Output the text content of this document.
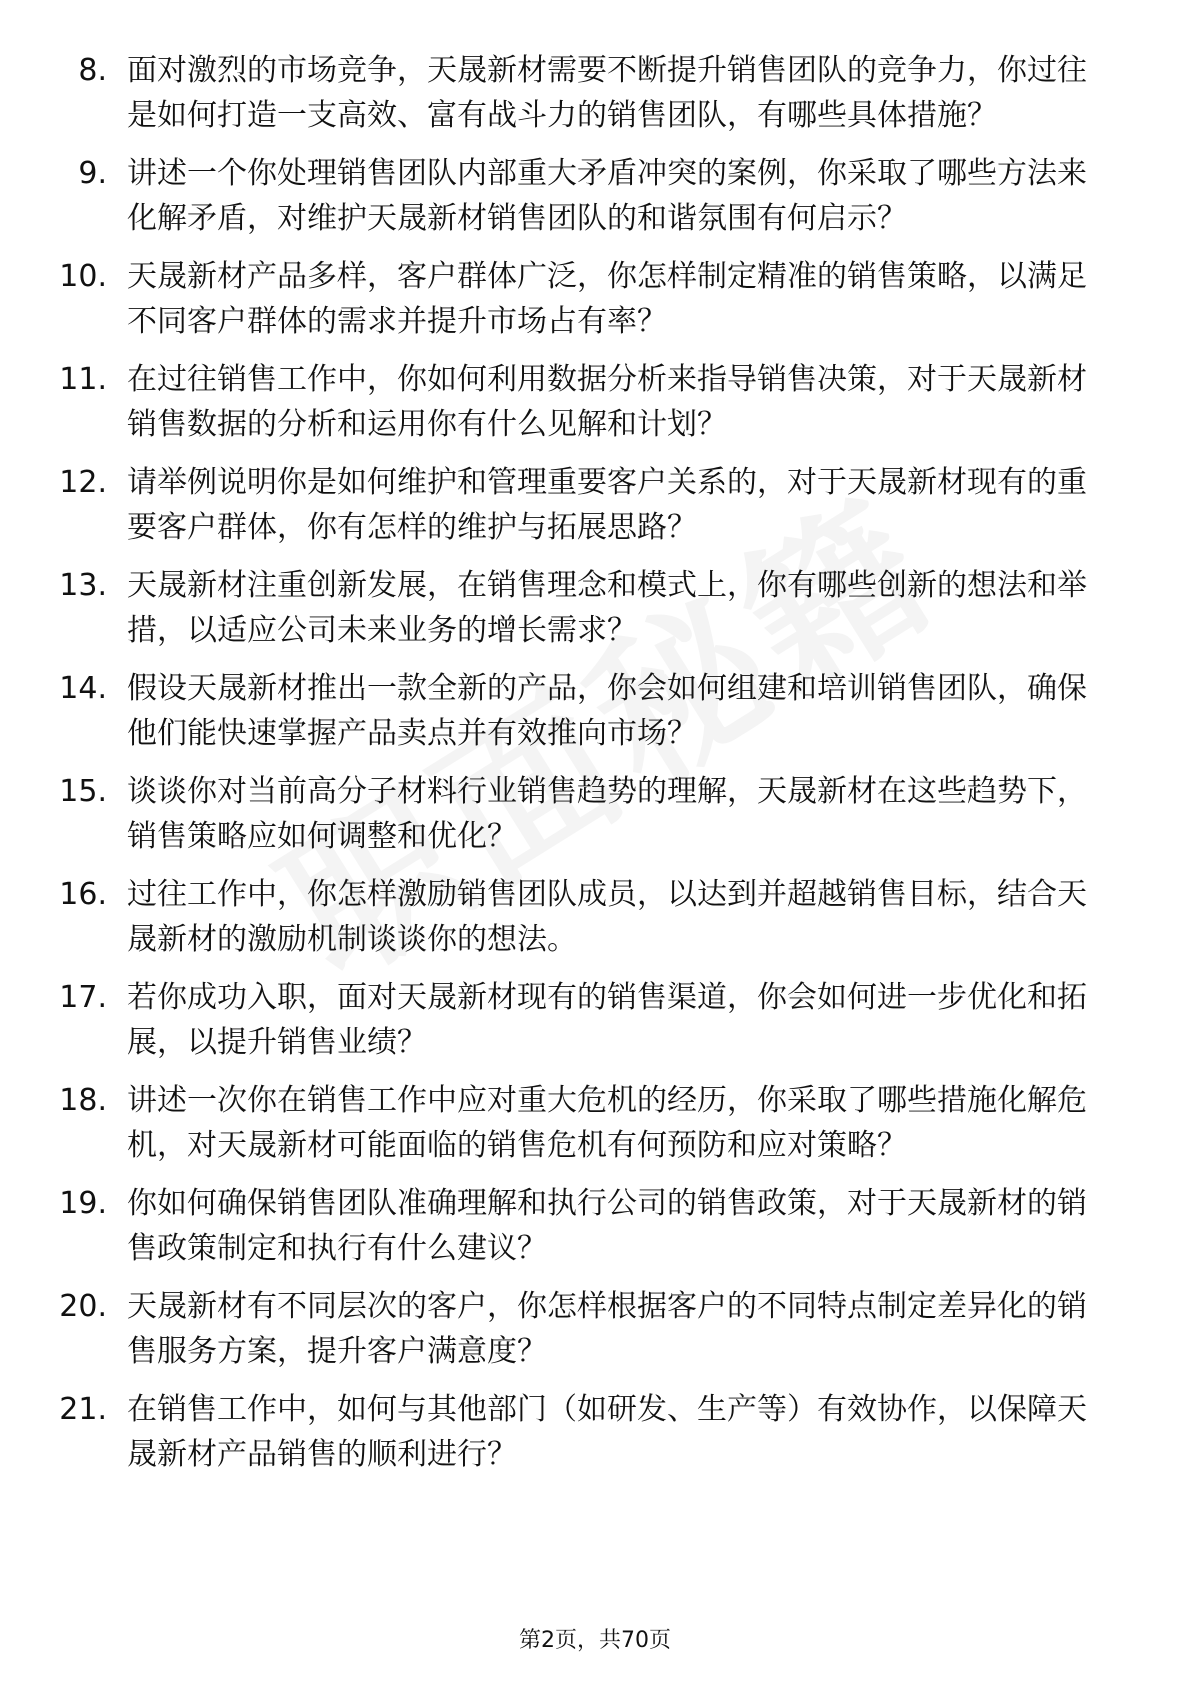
8. 面对激烈的市场竞争，天晟新材需要不断提升销售团队的竞争力，你过往是如何打造一支高效、富有战斗力的销售团队，有哪些具体措施？
9. 讲述一个你处理销售团队内部重大矛盾冲突的案例，你采取了哪些方法来化解矛盾，对维护天晟新材销售团队的和谐氛围有何启示？
10. 天晟新材产品多样，客户群体广泛，你怎样制定精准的销售策略，以满足不同客户群体的需求并提升市场占有率？
11. 在过往销售工作中，你如何利用数据分析来指导销售决策，对于天晟新材销售数据的分析和运用你有什么见解和计划？
12. 请举例说明你是如何维护和管理重要客户关系的，对于天晟新材现有的重要客户群体，你有怎样的维护与拓展思路？
13. 天晟新材注重创新发展，在销售理念和模式上，你有哪些创新的想法和举措，以适应公司未来业务的增长需求？
14. 假设天晟新材推出一款全新的产品，你会如何组建和培训销售团队，确保他们能快速掌握产品卖点并有效推向市场？
15. 谈谈你对当前高分子材料行业销售趋势的理解，天晟新材在这些趋势下，销售策略应如何调整和优化？
16. 过往工作中，你怎样激励销售团队成员，以达到并超越销售目标，结合天晟新材的激励机制谈谈你的想法。
17. 若你成功入职，面对天晟新材现有的销售渠道，你会如何进一步优化和拓展，以提升销售业绩？
18. 讲述一次你在销售工作中应对重大危机的经历，你采取了哪些措施化解危机，对天晟新材可能面临的销售危机有何预防和应对策略？
19. 你如何确保销售团队准确理解和执行公司的销售政策，对于天晟新材的销售政策制定和执行有什么建议？
20. 天晟新材有不同层次的客户，你怎样根据客户的不同特点制定差异化的销售服务方案，提升客户满意度？
21. 在销售工作中，如何与其他部门（如研发、生产等）有效协作，以保障天晟新材产品销售的顺利进行？
第2页，共70页
